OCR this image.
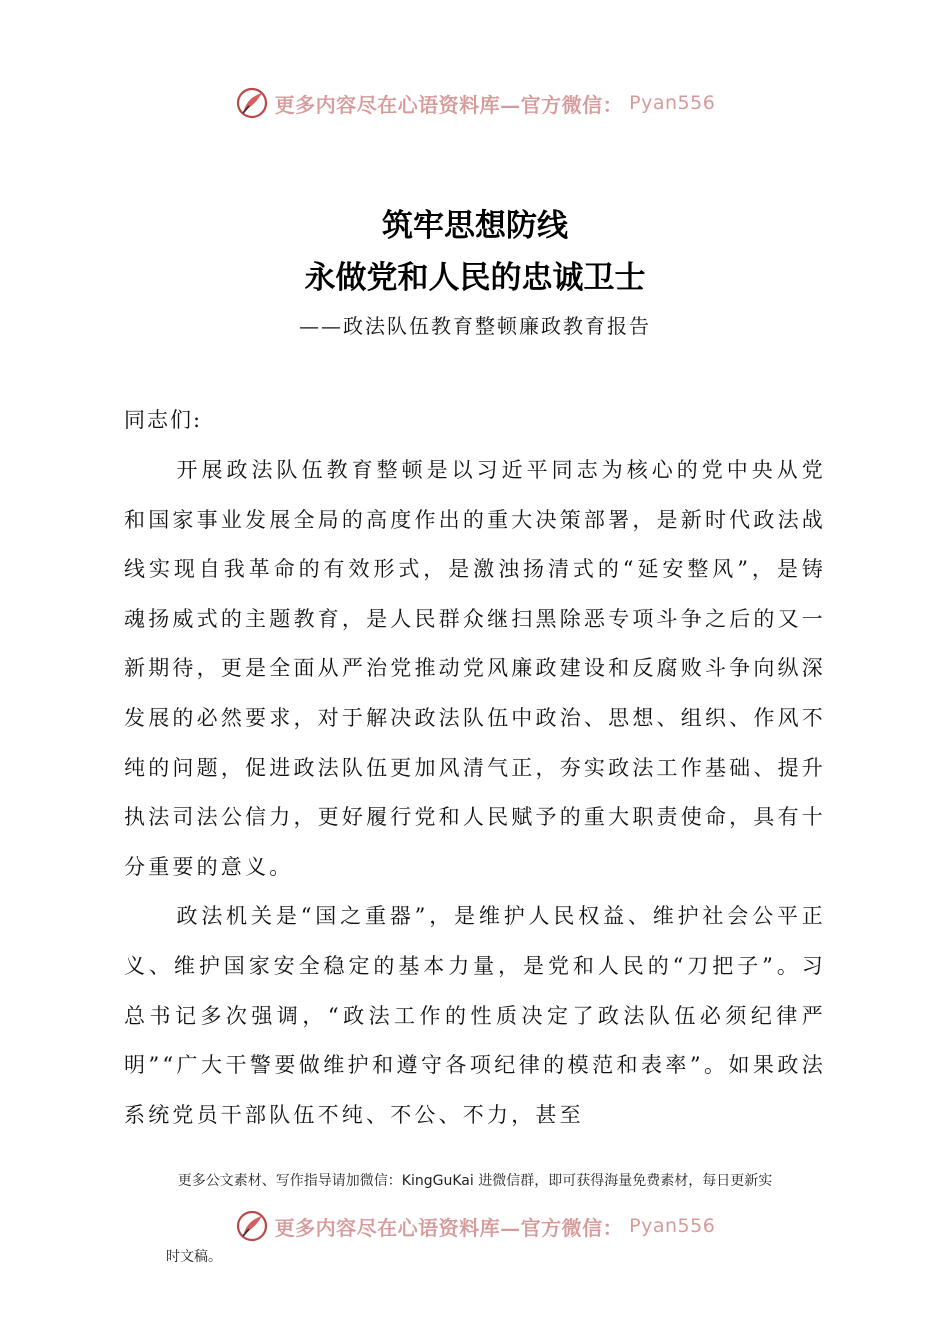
更多内容尽在心语资料库—官方微信： Pyan556
筑牢思想防线
永做党和人民的忠诚卫士
——政法队伍教育整顿廉政教育报告
同志们:

开展政法队伍教育整顿是以习近平同志为核心的党中央从党和国家事业发展全局的高度作出的重大决策部署，是新时代政法战线实现自我革命的有效形式，是激浊扬清式的“延安整风”，是铸魂扬威式的主题教育，是人民群众继扫黑除恶专项斗争之后的又一新期待，更是全面从严治党推动党风廉政建设和反腐败斗争向纵深发展的必然要求，对于解决政法队伍中政治、思想、组织、作风不纯的问题，促进政法队伍更加风清气正，夯实政法工作基础、提升执法司法公信力，更好履行党和人民赋予的重大职责使命，具有十分重要的意义。

政法机关是“国之重器”，是维护人民权益、维护社会公平正义、维护国家安全稳定的基本力量，是党和人民的“刀把子”。习总书记多次强调，“政法工作的性质决定了政法队伍必须纪律严明”“广大干警要做维护和遵守各项纪律的模范和表率”。如果政法系统党员干部队伍不纯、不公、不力，甚至

更多公文素材、写作指导请加微信：KingGuKai 进微信群，即可获得海量免费素材，每日更新实
更多内容尽在心语资料库—官方微信： Pyan556
时文稿。
